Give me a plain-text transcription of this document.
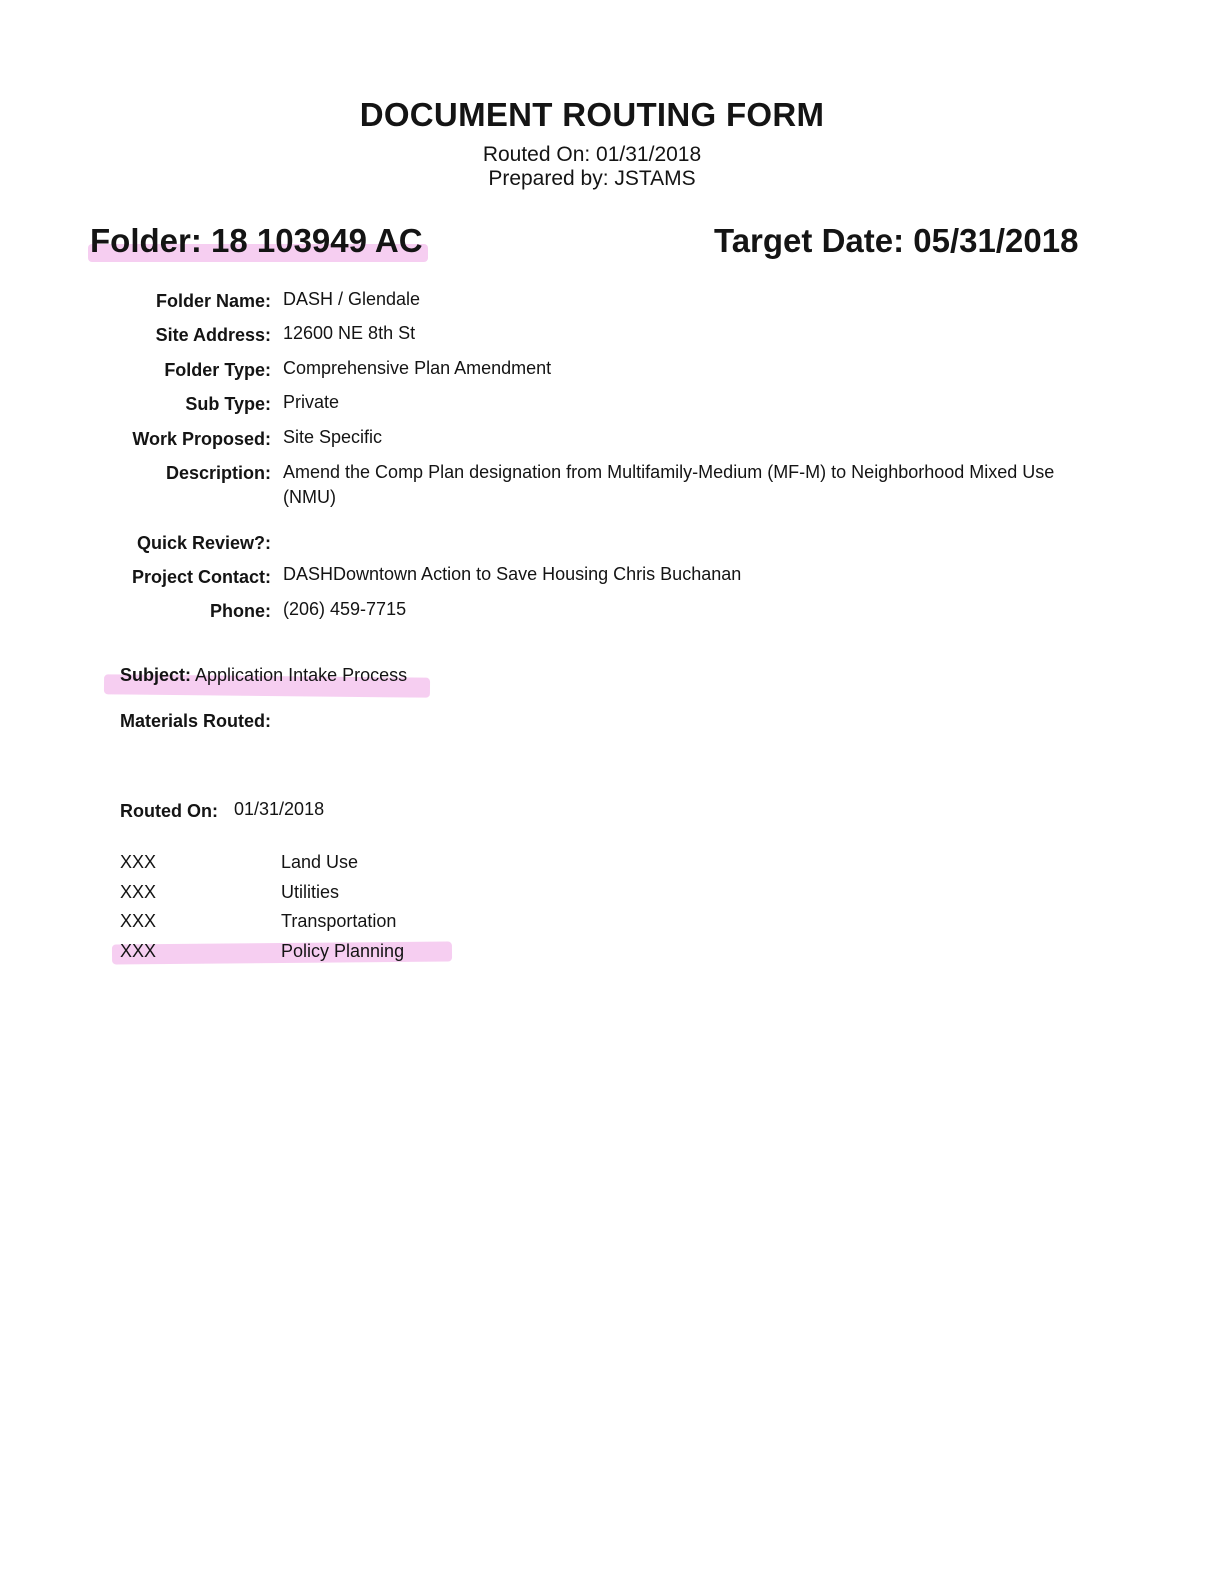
DOCUMENT ROUTING FORM
Routed On: 01/31/2018
Prepared by: JSTAMS
Folder: 18 103949 AC	Target Date: 05/31/2018
Folder Name: DASH / Glendale
Site Address: 12600 NE 8th St
Folder Type: Comprehensive Plan Amendment
Sub Type: Private
Work Proposed: Site Specific
Description: Amend the Comp Plan designation from Multifamily-Medium (MF-M) to Neighborhood Mixed Use (NMU)
Quick Review?:
Project Contact: DASHDowntown Action to Save Housing Chris Buchanan
Phone: (206) 459-7715
Subject: Application Intake Process
Materials Routed:
Routed On: 01/31/2018
XXX	Land Use
XXX	Utilities
XXX	Transportation
XXX	Policy Planning
